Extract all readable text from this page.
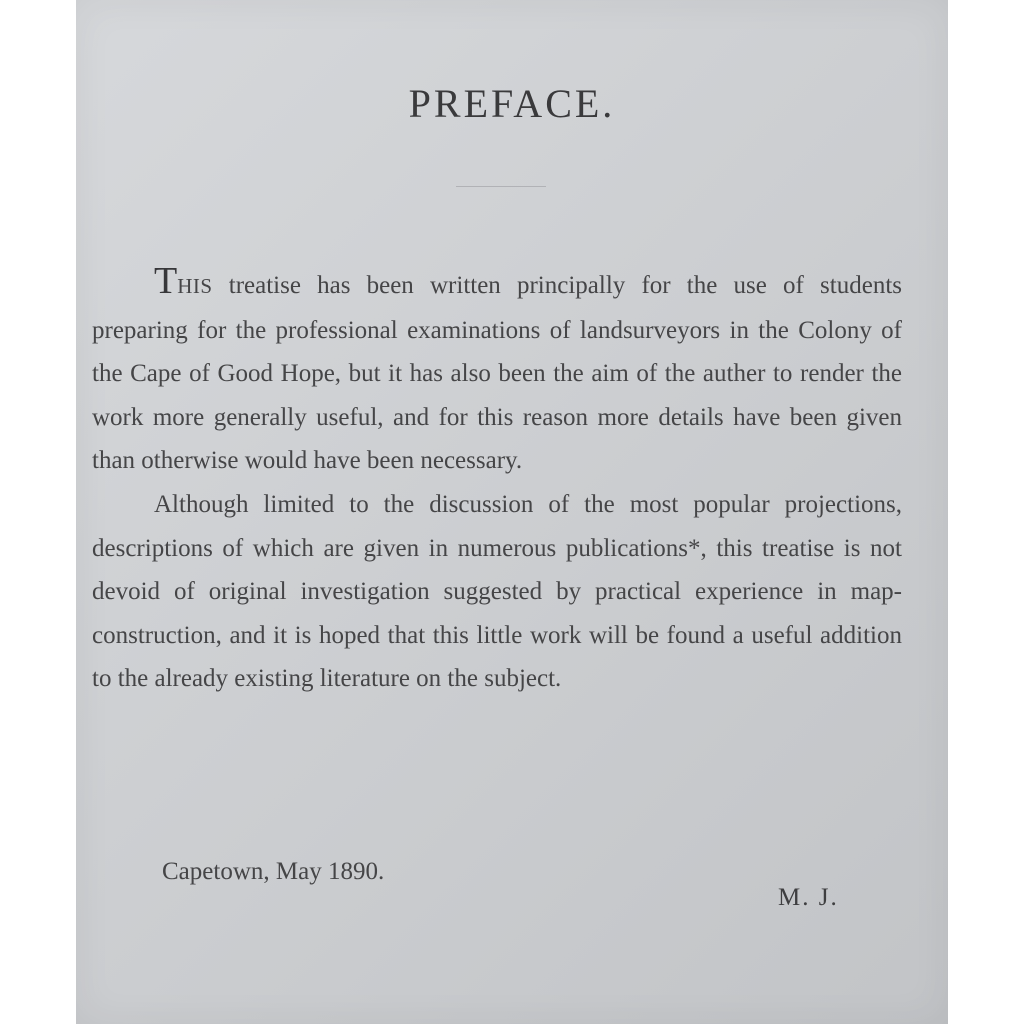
PREFACE.

THIS treatise has been written principally for the use of students preparing for the professional examinations of landsurveyors in the Colony of the Cape of Good Hope, but it has also been the aim of the auther to render the work more generally useful, and for this reason more details have been given than otherwise would have been necessary.

Although limited to the discussion of the most popular projections, descriptions of which are given in numerous publications*, this treatise is not devoid of original investigation suggested by practical experience in map-construction, and it is hoped that this little work will be found a useful addition to the already existing literature on the subject.

Capetown, May 1890.
M. J.
